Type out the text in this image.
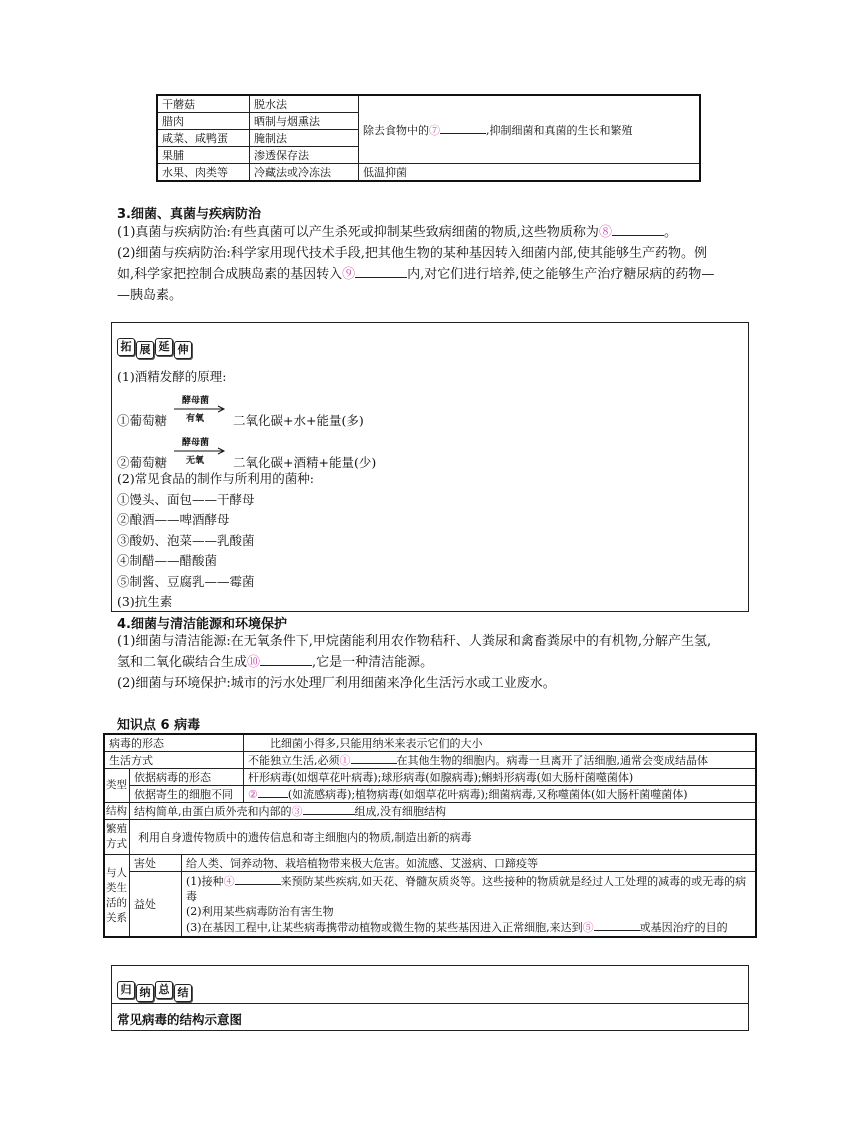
干蘑菇	脱水法	除去食物中的⑦ ,抑制细菌和真菌的生长和繁殖
腊肉	晒制与烟熏法	
咸菜、咸鸭蛋	腌制法	
果脯	渗透保存法	
水果、肉类等	冷藏法或冷冻法	低温抑菌
3.细菌、真菌与疾病防治
(1)真菌与疾病防治:有些真菌可以产生杀死或抑制某些致病细菌的物质,这些物质称为⑧	。
(2)细菌与疾病防治:科学家用现代技术手段,把其他生物的某种基因转入细菌内部,使其能够生产药物。例
如,科学家把控制合成胰岛素的基因转入⑨	内,对它们进行培养,使之能够生产治疗糖尿病的药物—
—胰岛素。
拓 展 延 伸
(1)酒精发酵的原理:
①葡萄糖
酵母菌
有氧 二氧化碳+水+能量(多)
②葡萄糖
酵母菌
无氧 二氧化碳+酒精+能量(少)
(2)常见食品的制作与所利用的菌种:
①馒头、面包——干酵母
②酿酒——啤酒酵母
③酸奶、泡菜——乳酸菌
④制醋——醋酸菌
⑤制酱、豆腐乳——霉菌
(3)抗生素
4.细菌与清洁能源和环境保护
(1)细菌与清洁能源:在无氧条件下,甲烷菌能利用农作物秸秆、人粪尿和禽畜粪尿中的有机物,分解产生氢,
氢和二氧化碳结合生成⑩	,它是一种清洁能源。
(2)细菌与环境保护:城市的污水处理厂利用细菌来净化生活污水或工业废水。
知识点 6 病毒
病毒的形态			比细菌小得多,只能用纳米来表示它们的大小
生活方式			不能独立生活,必须① 在其他生物的细胞内。病毒一旦离开了活细胞,通常会变成结晶体
类型	依据病毒的形态		杆形病毒(如烟草花叶病毒);球形病毒(如腺病毒);蝌蚪形病毒(如大肠杆菌噬菌体)
	依据寄生的细胞不同		② (如流感病毒);植物病毒(如烟草花叶病毒);细菌病毒,又称噬菌体(如大肠杆菌噬菌体)
结构	结构简单,由蛋白质外壳和内部的③ 组成,没有细胞结构		
繁殖方式	利用自身遗传物质中的遗传信息和寄主细胞内的物质,制造出新的病毒		
与人类生活的关系	害处	给人类、饲养动物、栽培植物带来极大危害。如流感、艾滋病、口蹄疫等	
	益处	(1)接种④ 来预防某些疾病,如天花、脊髓灰质炎等。这些接种的物质就是经过人工处理的减毒的或无毒的病毒
(2)利用某些病毒防治有害生物
(3)在基因工程中,让某些病毒携带动植物或微生物的某些基因进入正常细胞,来达到⑤ 或基因治疗的目的	
归 纳 总 结
常见病毒的结构示意图
